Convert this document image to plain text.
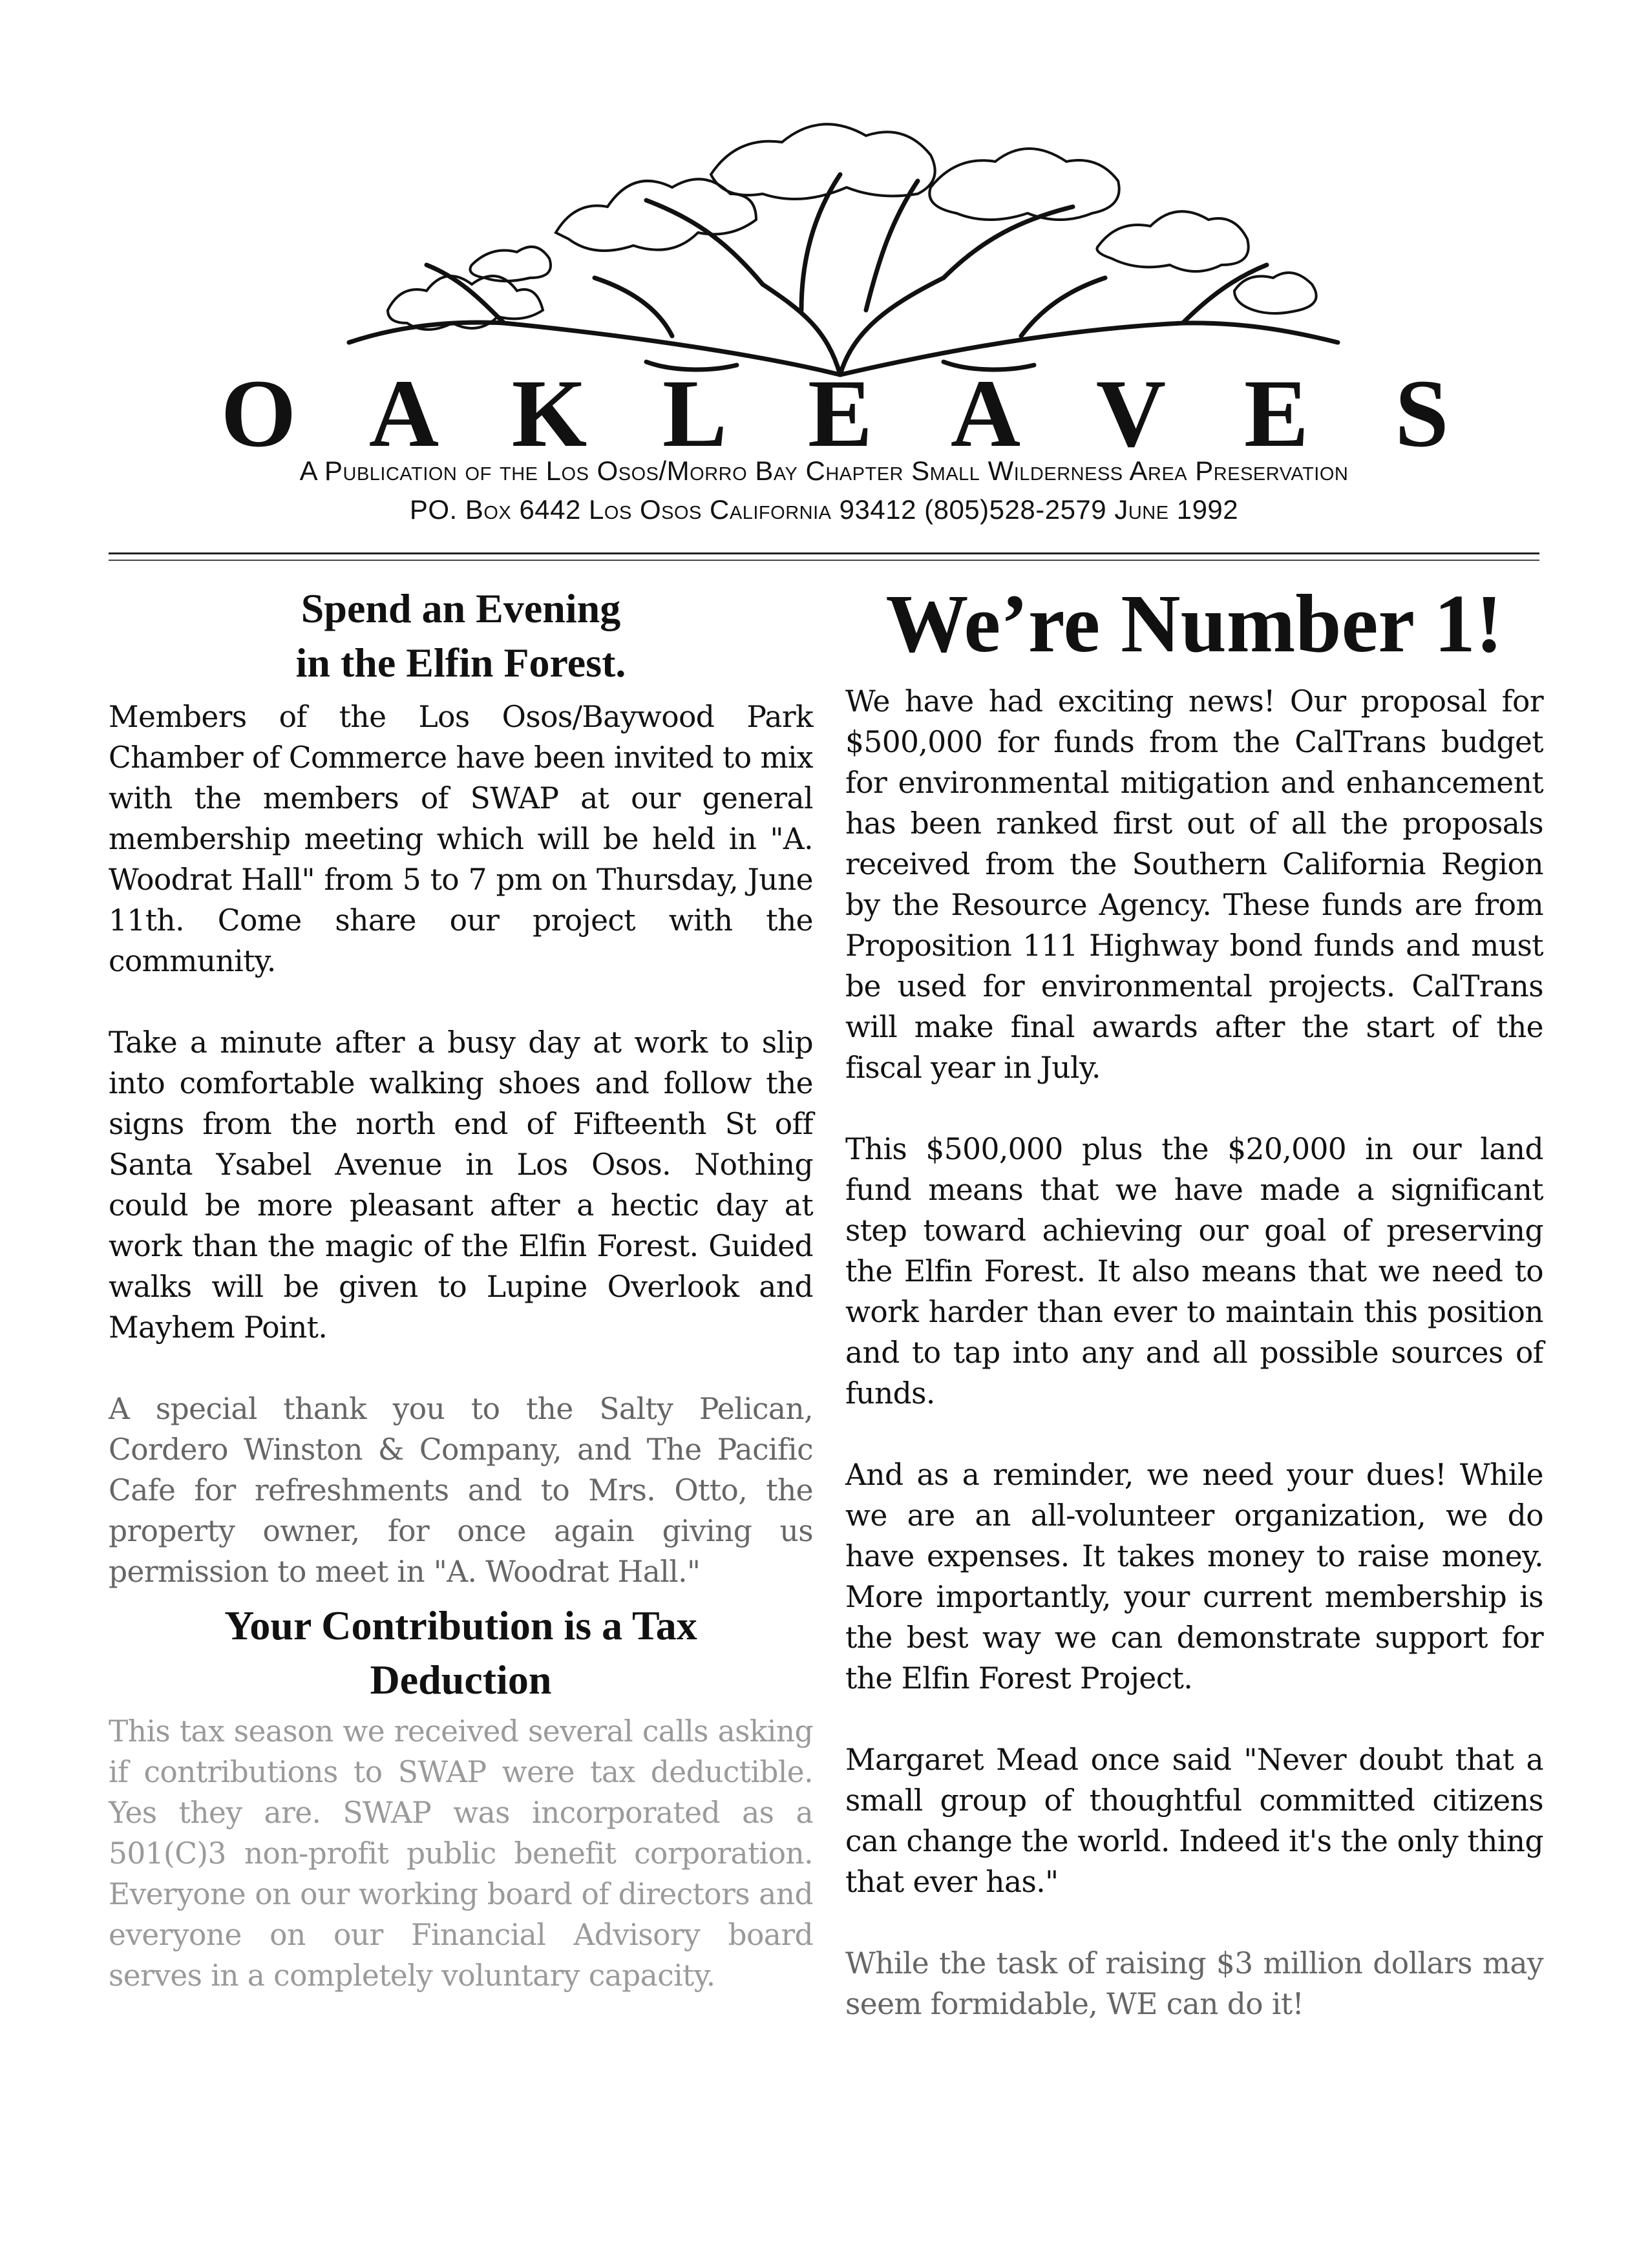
O A K L E A V E S
A Publication of the Los Osos/Morro Bay Chapter Small Wilderness Area Preservation
PO. Box 6442 Los Osos California 93412 (805)528-2579 June 1992
Spend an Evening
in the Elfin Forest.

Members of the Los Osos/Baywood Park Chamber of Commerce have been invited to mix with the members of SWAP at our general membership meeting which will be held in "A. Woodrat Hall" from 5 to 7 pm on Thursday, June 11th. Come share our project with the community.

Take a minute after a busy day at work to slip into comfortable walking shoes and follow the signs from the north end of Fifteenth St off Santa Ysabel Avenue in Los Osos. Nothing could be more pleasant after a hectic day at work than the magic of the Elfin Forest. Guided walks will be given to Lupine Overlook and Mayhem Point.

A special thank you to the Salty Pelican, Cordero Winston & Company, and The Pacific Cafe for refreshments and to Mrs. Otto, the property owner, for once again giving us permission to meet in "A. Woodrat Hall."

Your Contribution is a Tax
Deduction

This tax season we received several calls asking if contributions to SWAP were tax deductible. Yes they are. SWAP was incorporated as a 501(C)3 non-profit public benefit corporation. Everyone on our working board of directors and everyone on our Financial Advisory board serves in a completely voluntary capacity.

We’re Number 1!

We have had exciting news! Our proposal for $500,000 for funds from the CalTrans budget for environmental mitigation and enhancement has been ranked first out of all the proposals received from the Southern California Region by the Resource Agency. These funds are from Proposition 111 Highway bond funds and must be used for environmental projects. CalTrans will make final awards after the start of the fiscal year in July.

This $500,000 plus the $20,000 in our land fund means that we have made a significant step toward achieving our goal of preserving the Elfin Forest. It also means that we need to work harder than ever to maintain this position and to tap into any and all possible sources of funds.

And as a reminder, we need your dues! While we are an all-volunteer organization, we do have expenses. It takes money to raise money. More importantly, your current membership is the best way we can demonstrate support for the Elfin Forest Project.

Margaret Mead once said "Never doubt that a small group of thoughtful committed citizens can change the world. Indeed it's the only thing that ever has."

While the task of raising $3 million dollars may seem formidable, WE can do it!
